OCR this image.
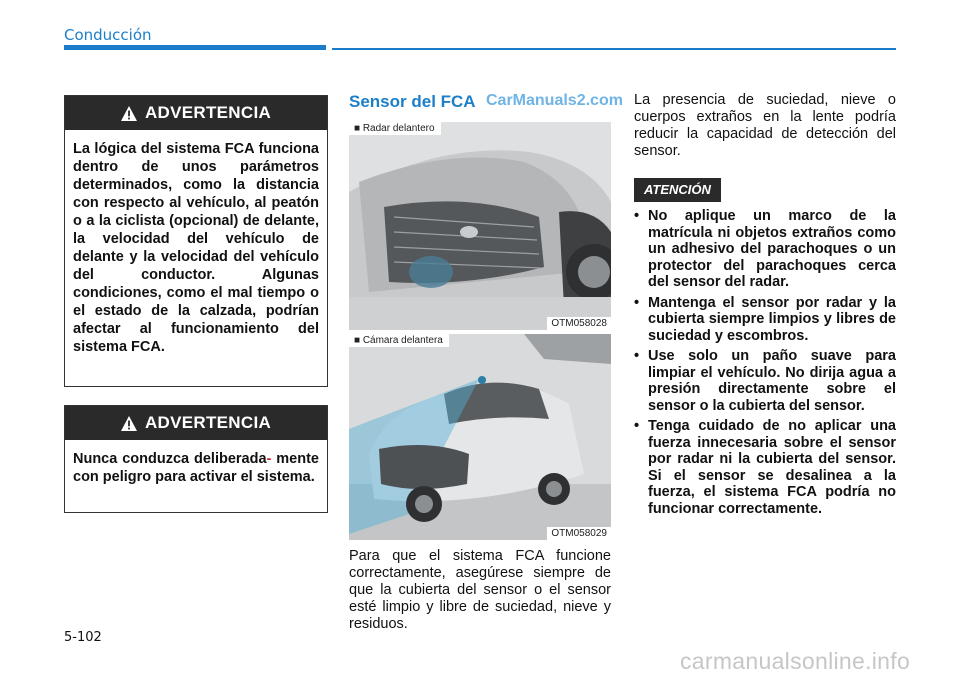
Conducción
ADVERTENCIA
La lógica del sistema FCA funciona dentro de unos parámetros determinados, como la distancia con respecto al vehículo, al peatón o a la ciclista (opcional) de delante, la velocidad del vehículo de delante y la velocidad del vehículo del conductor. Algunas condiciones, como el mal tiempo o el estado de la calzada, podrían afectar al funcionamiento del sistema FCA.
ADVERTENCIA
Nunca conduzca deliberada- mente con peligro para activar el sistema.
Sensor del FCA CarManuals2.com
■ Radar delantero
OTM058028
■ Cámara delantera
OTM058029
Para que el sistema FCA funcione correctamente, asegúrese siempre de que la cubierta del sensor o el sensor esté limpio y libre de suciedad, nieve y residuos.
La presencia de suciedad, nieve o cuerpos extraños en la lente podría reducir la capacidad de detección del sensor.
ATENCIÓN
• No aplique un marco de la matrícula ni objetos extraños como un adhesivo del parachoques o un protector del parachoques cerca del sensor del radar.
• Mantenga el sensor por radar y la cubierta siempre limpios y libres de suciedad y escombros.
• Use solo un paño suave para limpiar el vehículo. No dirija agua a presión directamente sobre el sensor o la cubierta del sensor.
• Tenga cuidado de no aplicar una fuerza innecesaria sobre el sensor por radar ni la cubierta del sensor. Si el sensor se desalinea a la fuerza, el sistema FCA podría no funcionar correctamente.
5-102
carmanualsonline.info
